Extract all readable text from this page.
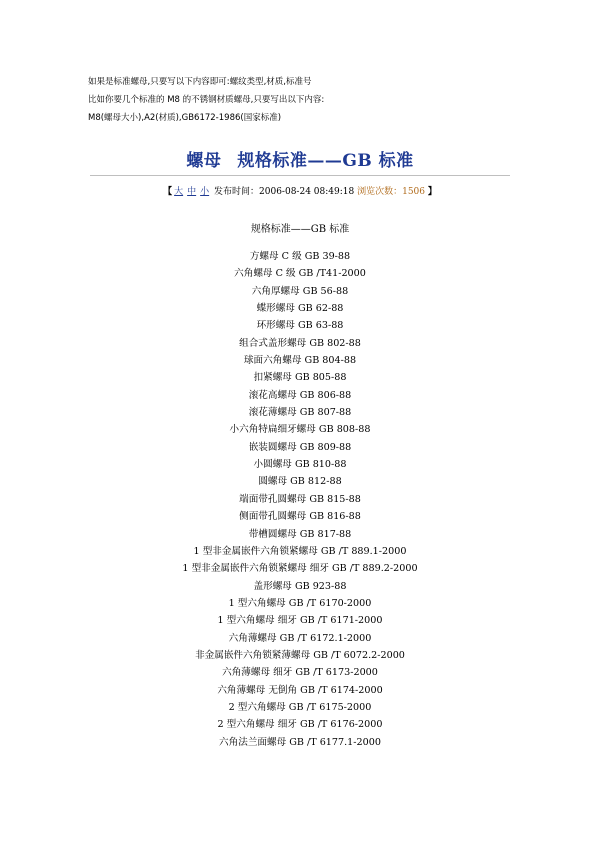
如果是标准螺母,只要写以下内容即可:螺纹类型,材质,标准号
比如你要几个标准的 M8 的不锈钢材质螺母,只要写出以下内容:
M8(螺母大小),A2(材质),GB6172-1986(国家标准)
螺母 规格标准——GB 标准
【 大 中 小 发布时间：2006-08-24 08:49:18 浏览次数：1506 】
规格标准——GB 标准
方螺母 C 级 GB 39-88
六角螺母 C 级 GB /T41-2000
六角厚螺母 GB 56-88
蝶形螺母 GB 62-88
环形螺母 GB 63-88
组合式盖形螺母 GB 802-88
球面六角螺母 GB 804-88
扣紧螺母 GB 805-88
滚花高螺母 GB 806-88
滚花薄螺母 GB 807-88
小六角特扁细牙螺母 GB 808-88
嵌装圆螺母 GB 809-88
小圆螺母 GB 810-88
圆螺母 GB 812-88
端面带孔圆螺母 GB 815-88
侧面带孔圆螺母 GB 816-88
带槽圆螺母 GB 817-88
1 型非金属嵌件六角锁紧螺母 GB /T 889.1-2000
1 型非金属嵌件六角锁紧螺母 细牙 GB /T 889.2-2000
盖形螺母 GB 923-88
1 型六角螺母 GB /T 6170-2000
1 型六角螺母 细牙 GB /T 6171-2000
六角薄螺母 GB /T 6172.1-2000
非金属嵌件六角锁紧薄螺母 GB /T 6072.2-2000
六角薄螺母 细牙 GB /T 6173-2000
六角薄螺母 无倒角 GB /T 6174-2000
2 型六角螺母 GB /T 6175-2000
2 型六角螺母 细牙 GB /T 6176-2000
六角法兰面螺母 GB /T 6177.1-2000
